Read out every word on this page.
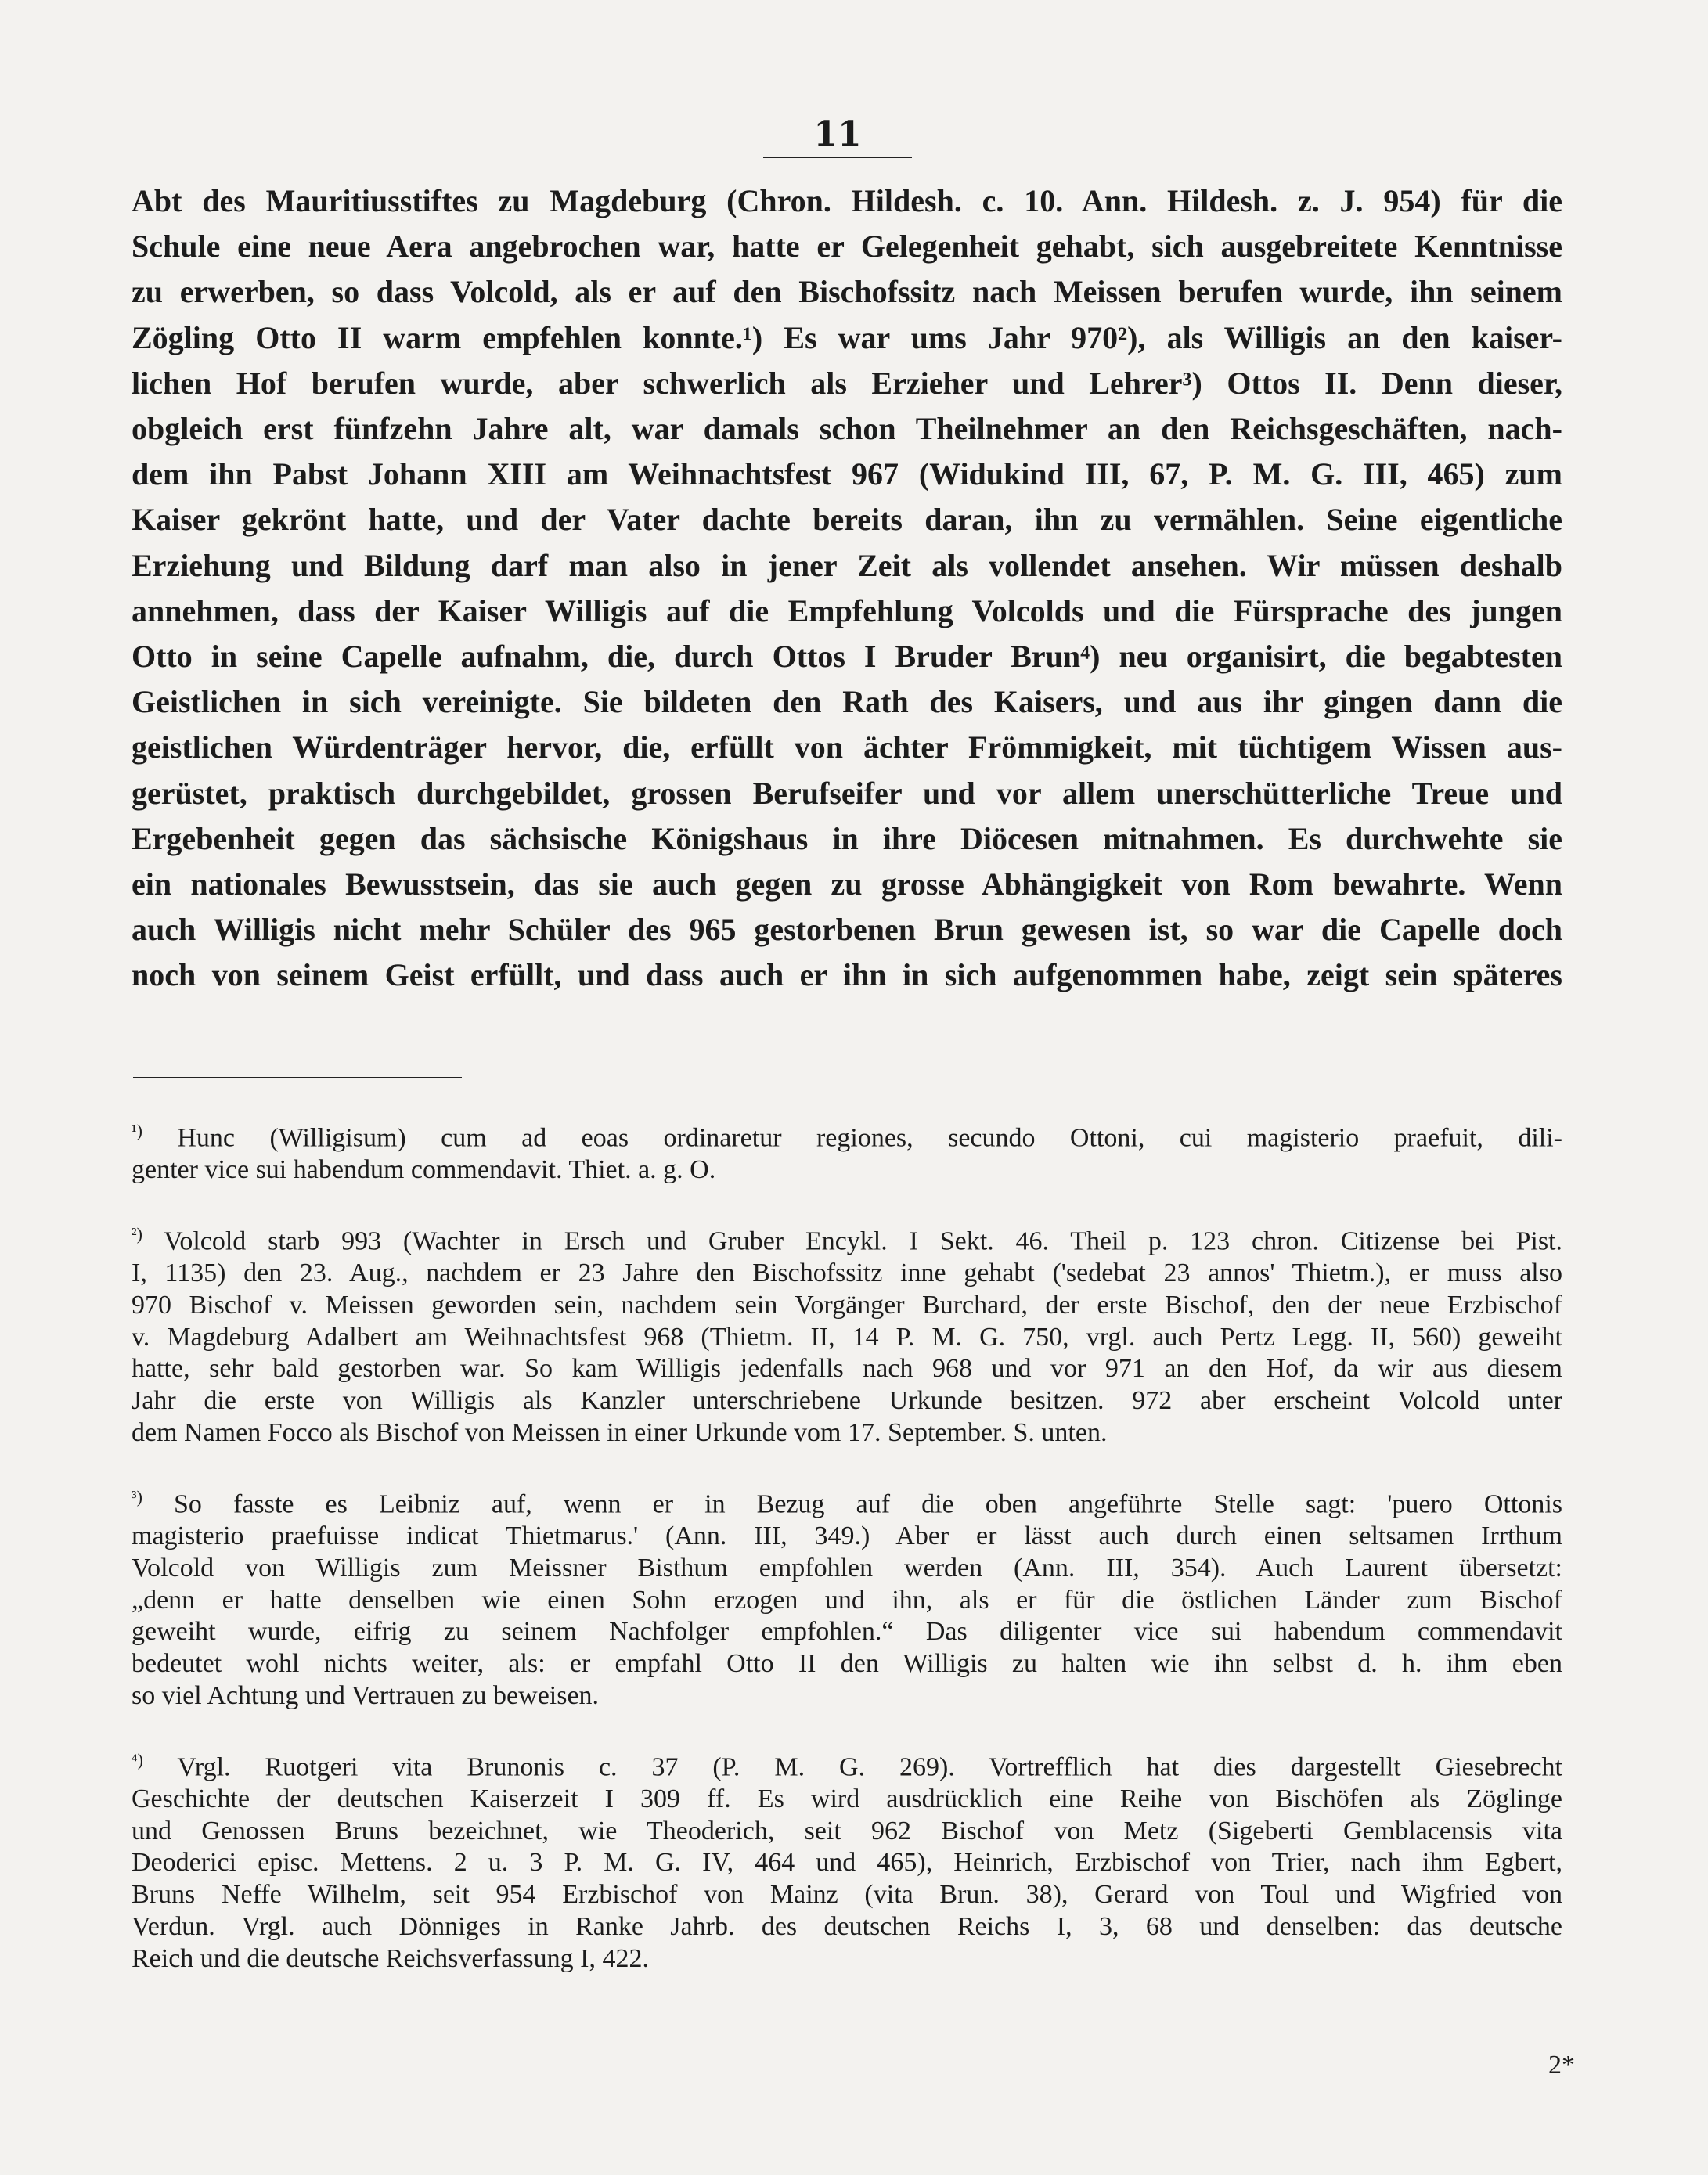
11
Abt des Mauritiusstiftes zu Magdeburg (Chron. Hildesh. c. 10. Ann. Hildesh. z. J. 954) für die
Schule eine neue Aera angebrochen war, hatte er Gelegenheit gehabt, sich ausgebreitete Kenntnisse
zu erwerben, so dass Volcold, als er auf den Bischofssitz nach Meissen berufen wurde, ihn seinem
Zögling Otto II warm empfehlen konnte.¹) Es war ums Jahr 970²), als Willigis an den kaiser-
lichen Hof berufen wurde, aber schwerlich als Erzieher und Lehrer³) Ottos II. Denn dieser,
obgleich erst fünfzehn Jahre alt, war damals schon Theilnehmer an den Reichsgeschäften, nach-
dem ihn Pabst Johann XIII am Weihnachtsfest 967 (Widukind III, 67, P. M. G. III, 465) zum
Kaiser gekrönt hatte, und der Vater dachte bereits daran, ihn zu vermählen. Seine eigentliche
Erziehung und Bildung darf man also in jener Zeit als vollendet ansehen. Wir müssen deshalb
annehmen, dass der Kaiser Willigis auf die Empfehlung Volcolds und die Fürsprache des jungen
Otto in seine Capelle aufnahm, die, durch Ottos I Bruder Brun⁴) neu organisirt, die begabtesten
Geistlichen in sich vereinigte. Sie bildeten den Rath des Kaisers, und aus ihr gingen dann die
geistlichen Würdenträger hervor, die, erfüllt von ächter Frömmigkeit, mit tüchtigem Wissen aus-
gerüstet, praktisch durchgebildet, grossen Berufseifer und vor allem unerschütterliche Treue und
Ergebenheit gegen das sächsische Königshaus in ihre Diöcesen mitnahmen. Es durchwehte sie
ein nationales Bewusstsein, das sie auch gegen zu grosse Abhängigkeit von Rom bewahrte. Wenn
auch Willigis nicht mehr Schüler des 965 gestorbenen Brun gewesen ist, so war die Capelle doch
noch von seinem Geist erfüllt, und dass auch er ihn in sich aufgenommen habe, zeigt sein späteres
$^{^1)}$ Hunc (Willigisum) cum ad eoas ordinaretur regiones, secundo Ottoni, cui magisterio praefuit, dili-
genter vice sui habendum commendavit. Thiet. a. g. O.
$^{^2)}$ Volcold starb 993 (Wachter in Ersch und Gruber Encykl. I Sekt. 46. Theil p. 123 chron. Citizense bei Pist.
I, 1135) den 23. Aug., nachdem er 23 Jahre den Bischofssitz inne gehabt ('sedebat 23 annos' Thietm.), er muss also
970 Bischof v. Meissen geworden sein, nachdem sein Vorgänger Burchard, der erste Bischof, den der neue Erzbischof
v. Magdeburg Adalbert am Weihnachtsfest 968 (Thietm. II, 14 P. M. G. 750, vrgl. auch Pertz Legg. II, 560) geweiht
hatte, sehr bald gestorben war. So kam Willigis jedenfalls nach 968 und vor 971 an den Hof, da wir aus diesem
Jahr die erste von Willigis als Kanzler unterschriebene Urkunde besitzen. 972 aber erscheint Volcold unter
dem Namen Focco als Bischof von Meissen in einer Urkunde vom 17. September. S. unten.
$^{^3)}$ So fasste es Leibniz auf, wenn er in Bezug auf die oben angeführte Stelle sagt: 'puero Ottonis
magisterio praefuisse indicat Thietmarus.' (Ann. III, 349.) Aber er lässt auch durch einen seltsamen Irrthum
Volcold von Willigis zum Meissner Bisthum empfohlen werden (Ann. III, 354). Auch Laurent übersetzt:
„denn er hatte denselben wie einen Sohn erzogen und ihn, als er für die östlichen Länder zum Bischof
geweiht wurde, eifrig zu seinem Nachfolger empfohlen.“ Das diligenter vice sui habendum commendavit
bedeutet wohl nichts weiter, als: er empfahl Otto II den Willigis zu halten wie ihn selbst d. h. ihm eben
so viel Achtung und Vertrauen zu beweisen.
$^{^4)}$ Vrgl. Ruotgeri vita Brunonis c. 37 (P. M. G. 269). Vortrefflich hat dies dargestellt Giesebrecht
Geschichte der deutschen Kaiserzeit I 309 ff. Es wird ausdrücklich eine Reihe von Bischöfen als Zöglinge
und Genossen Bruns bezeichnet, wie Theoderich, seit 962 Bischof von Metz (Sigeberti Gemblacensis vita
Deoderici episc. Mettens. 2 u. 3 P. M. G. IV, 464 und 465), Heinrich, Erzbischof von Trier, nach ihm Egbert,
Bruns Neffe Wilhelm, seit 954 Erzbischof von Mainz (vita Brun. 38), Gerard von Toul und Wigfried von
Verdun. Vrgl. auch Dönniges in Ranke Jahrb. des deutschen Reichs I, 3, 68 und denselben: das deutsche
Reich und die deutsche Reichsverfassung I, 422.
2*
